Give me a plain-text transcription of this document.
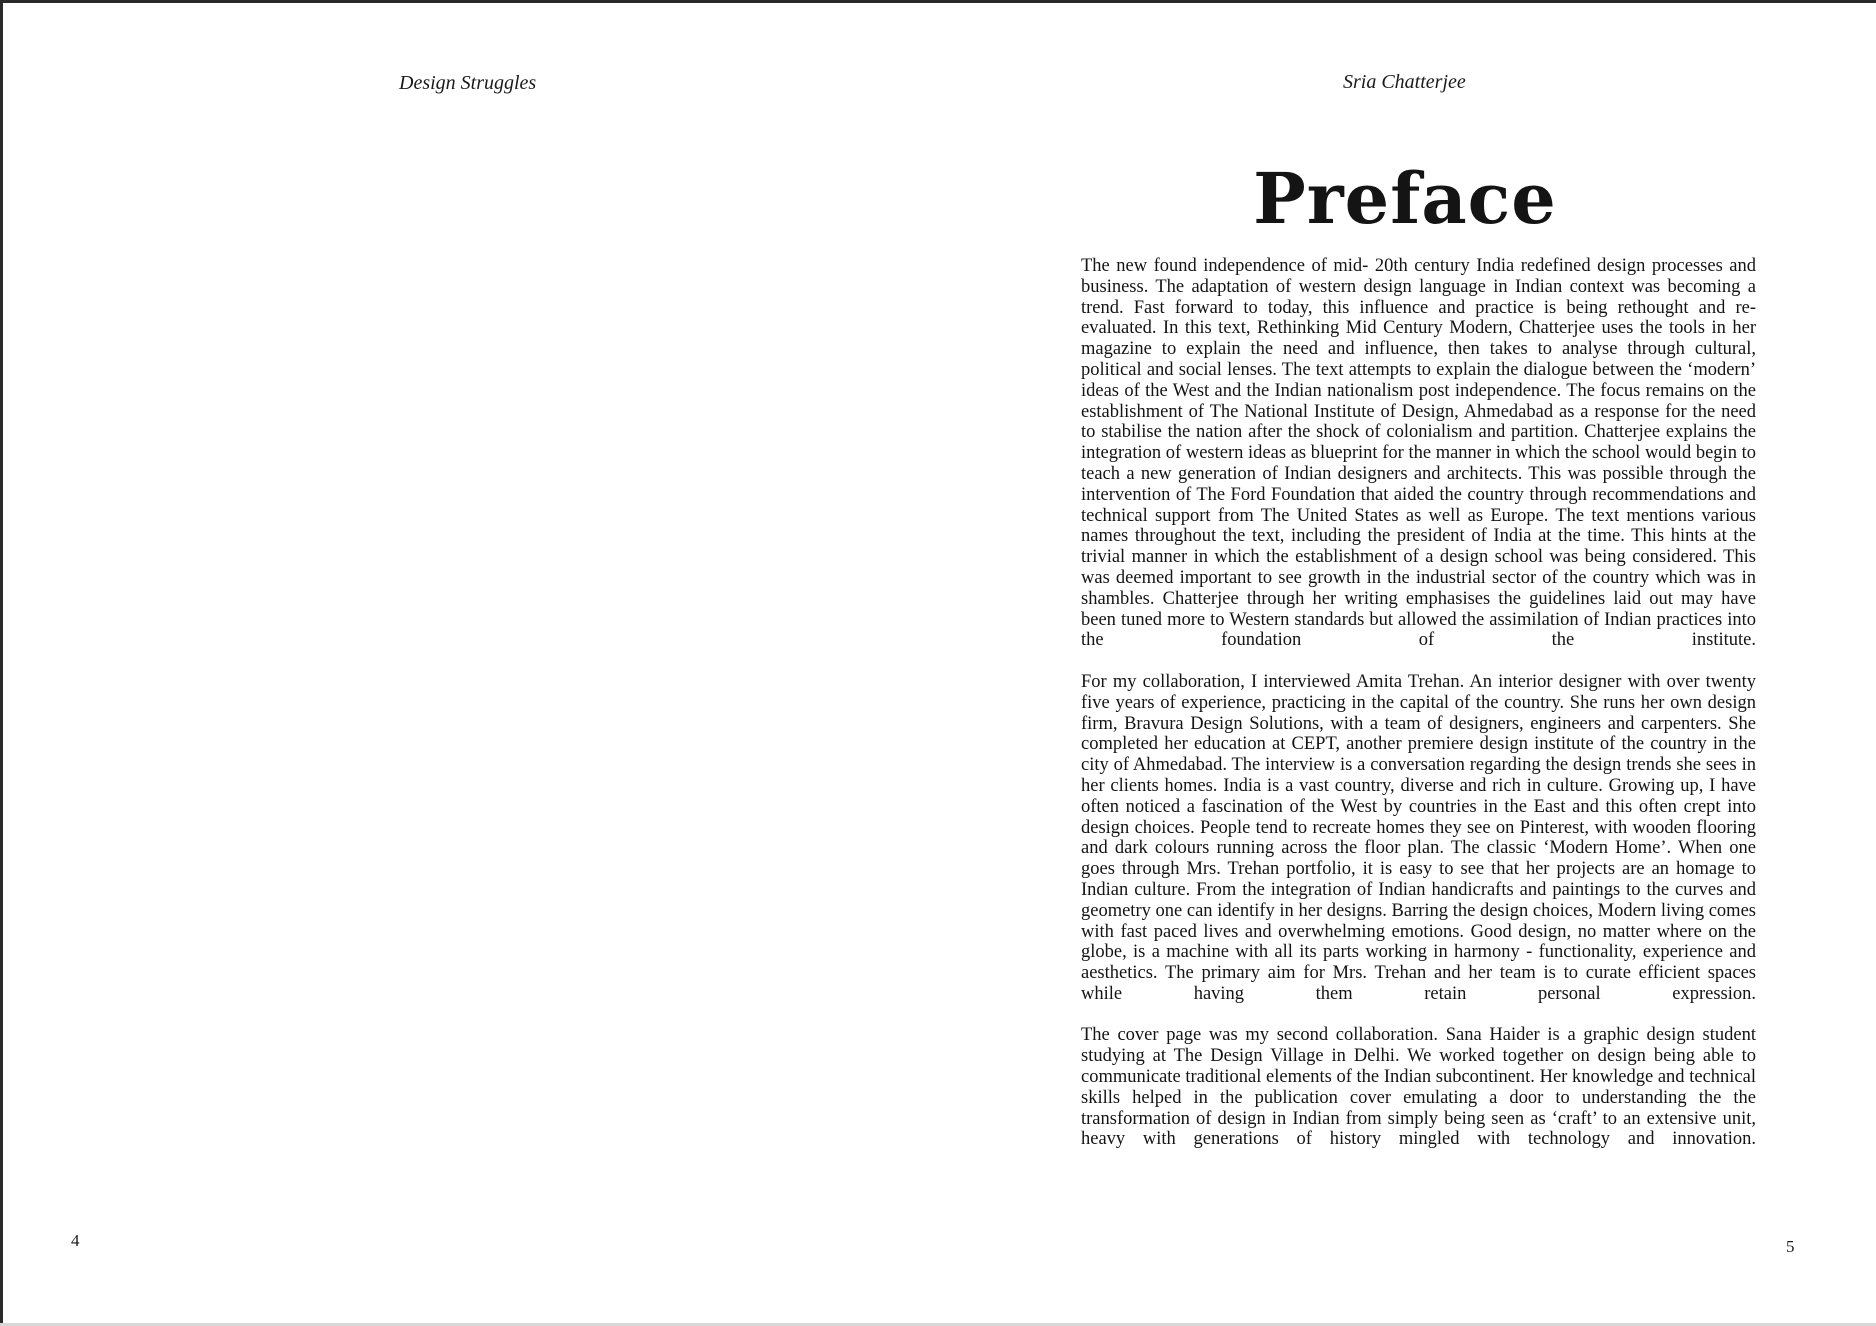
Design Struggles
4
Sria Chatterjee
Preface

The new found independence of mid- 20th century India redefined design processes and business. The adaptation of western design language in Indian context was becoming a trend. Fast forward to today, this influence and practice is being rethought and re-evaluated. In this text, Rethinking Mid Century Modern, Chatterjee uses the tools in her magazine to explain the need and influence, then takes to analyse through cultural, political and social lenses. The text attempts to explain the dialogue between the ‘modern’ ideas of the West and the Indian nationalism post independence. The focus remains on the establishment of The National Institute of Design, Ahmedabad as a response for the need to stabilise the nation after the shock of colonialism and partition. Chatterjee explains the integration of western ideas as blueprint for the manner in which the school would begin to teach a new generation of Indian designers and architects. This was possible through the intervention of The Ford Foundation that aided the country through recommendations and technical support from The United States as well as Europe. The text mentions various names throughout the text, including the president of India at the time. This hints at the trivial manner in which the establishment of a design school was being considered. This was deemed important to see growth in the industrial sector of the country which was in shambles. Chatterjee through her writing emphasises the guidelines laid out may have been tuned more to Western standards but allowed the assimilation of Indian practices into the foundation of the institute.

For my collaboration, I interviewed Amita Trehan. An interior designer with over twenty five years of experience, practicing in the capital of the country. She runs her own design firm, Bravura Design Solutions, with a team of designers, engineers and carpenters. She completed her education at CEPT, another premiere design institute of the country in the city of Ahmedabad. The interview is a conversation regarding the design trends she sees in her clients homes. India is a vast country, diverse and rich in culture. Growing up, I have often noticed a fascination of the West by countries in the East and this often crept into design choices. People tend to recreate homes they see on Pinterest, with wooden flooring and dark colours running across the floor plan. The classic ‘Modern Home’. When one goes through Mrs. Trehan portfolio, it is easy to see that her projects are an homage to Indian culture. From the integration of Indian handicrafts and paintings to the curves and geometry one can identify in her designs. Barring the design choices, Modern living comes with fast paced lives and overwhelming emotions. Good design, no matter where on the globe, is a machine with all its parts working in harmony - functionality, experience and aesthetics. The primary aim for Mrs. Trehan and her team is to curate efficient spaces while having them retain personal expression.

The cover page was my second collaboration. Sana Haider is a graphic design student studying at The Design Village in Delhi. We worked together on design being able to communicate traditional elements of the Indian subcontinent. Her knowledge and technical skills helped in the publication cover emulating a door to understanding the the transformation of design in Indian from simply being seen as ‘craft’ to an extensive unit, heavy with generations of history mingled with technology and innovation.

5
